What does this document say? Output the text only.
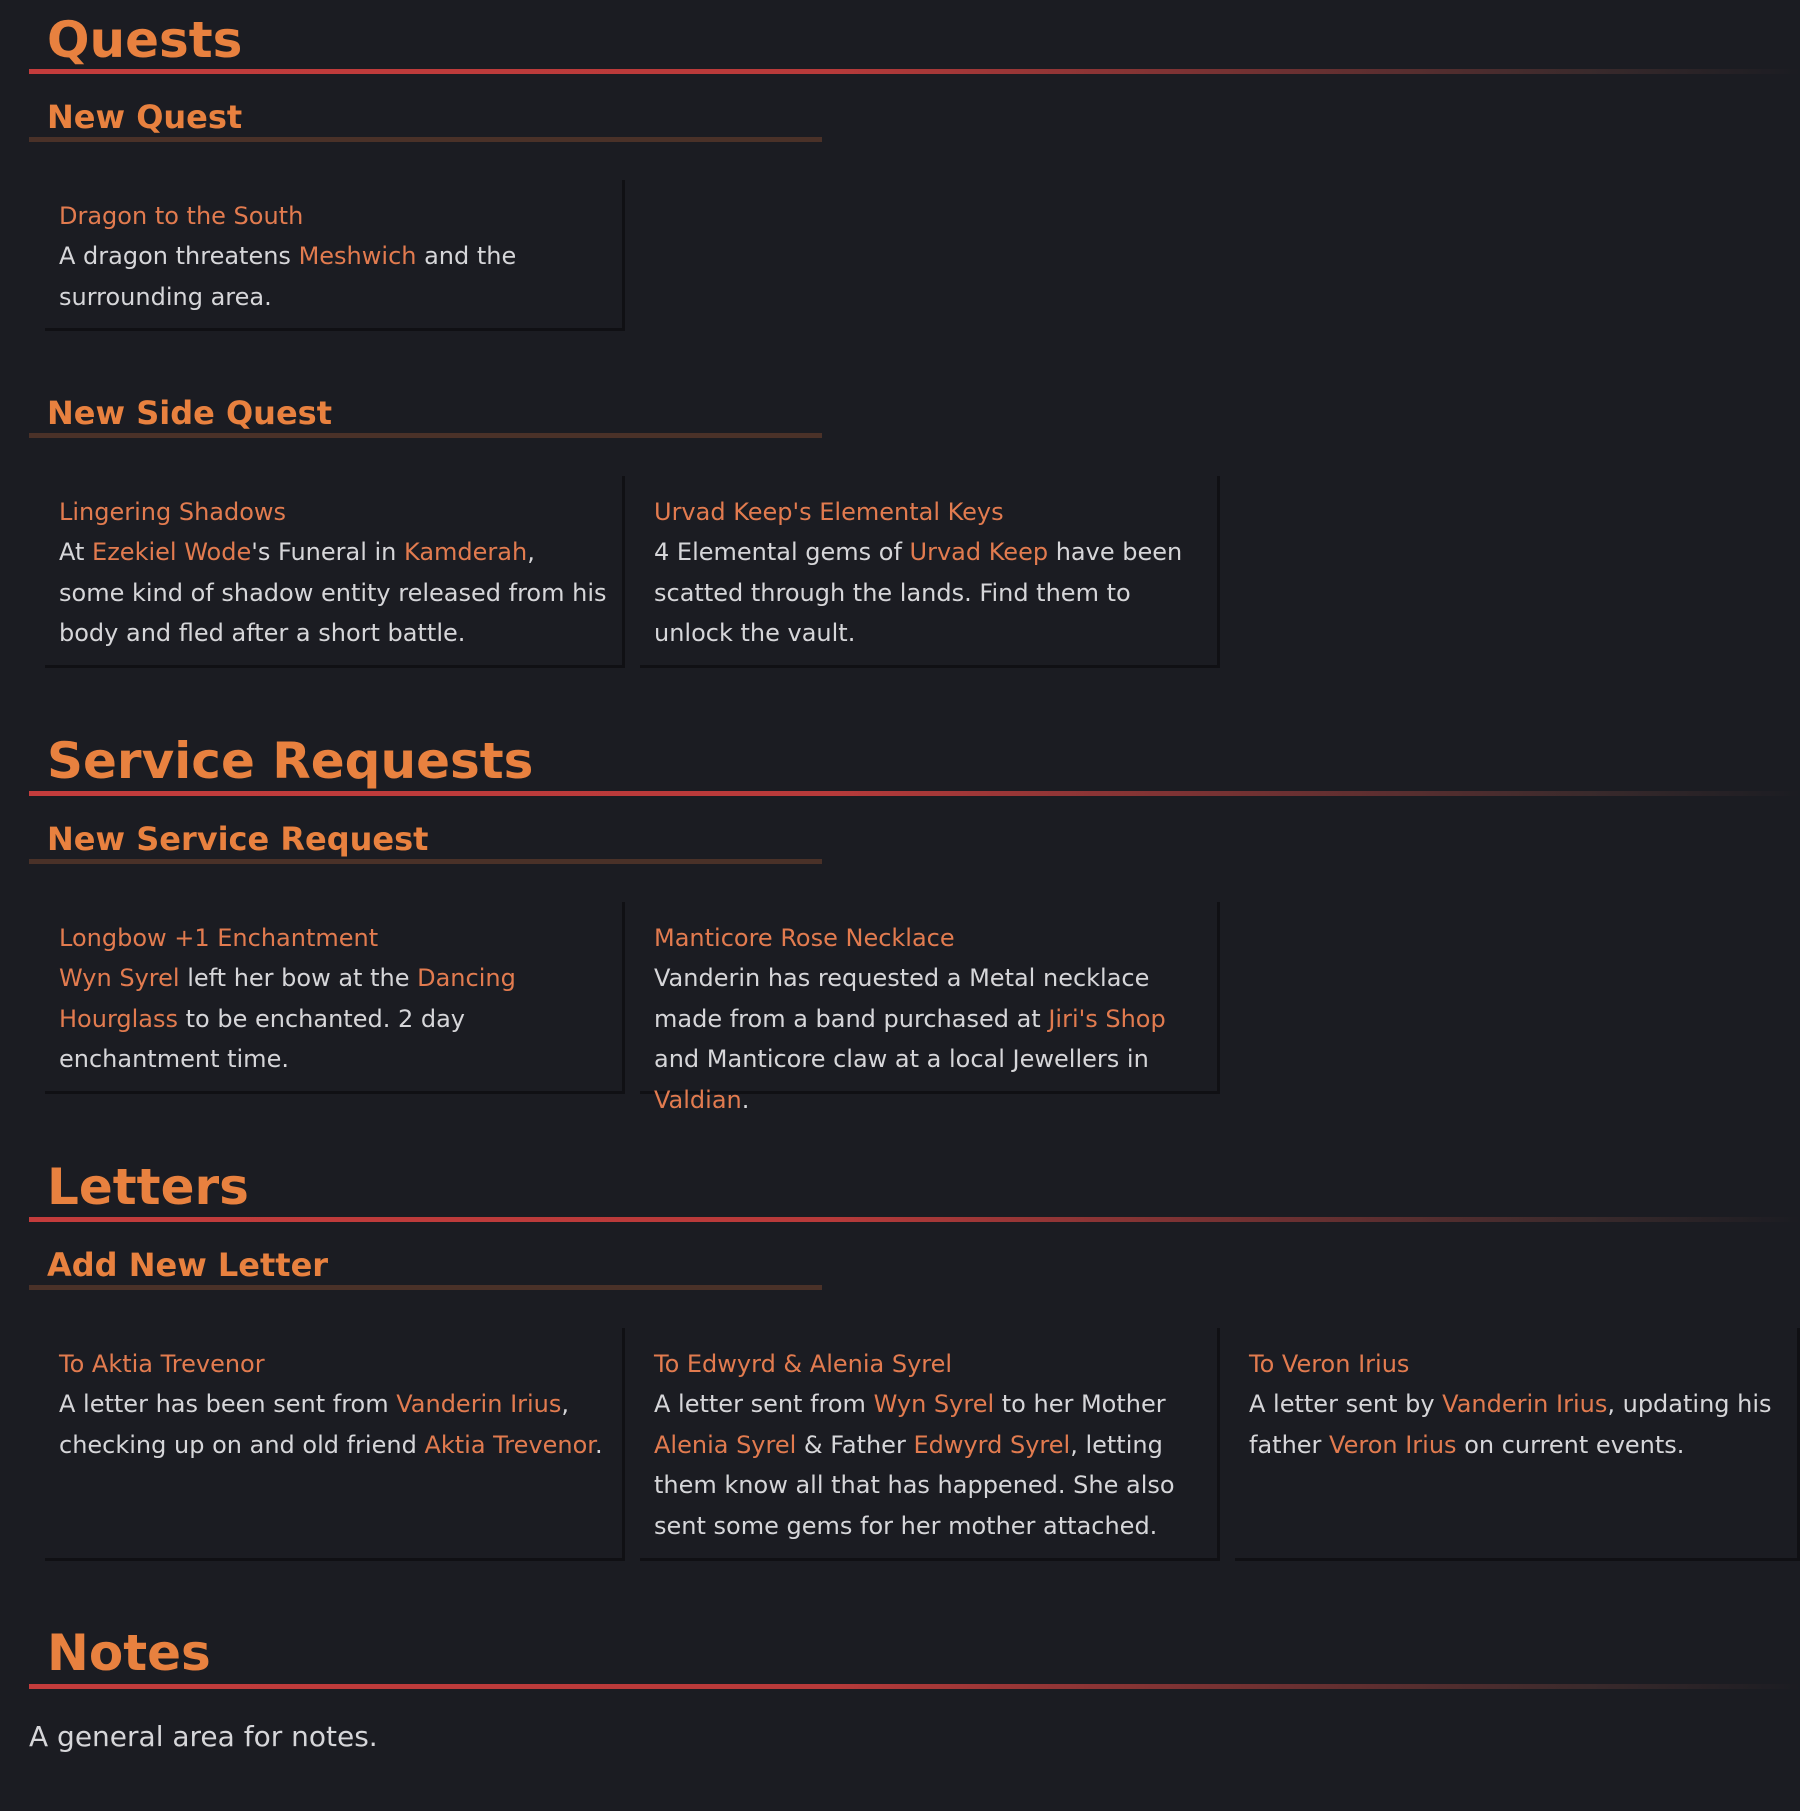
Quests
New Quest
Dragon to the South
A dragon threatens Meshwich and the surrounding area.
New Side Quest
Lingering Shadows
At Ezekiel Wode's Funeral in Kamderah, some kind of shadow entity released from his body and fled after a short battle.
Urvad Keep's Elemental Keys
4 Elemental gems of Urvad Keep have been scatted through the lands. Find them to unlock the vault.
Service Requests
New Service Request
Longbow +1 Enchantment
Wyn Syrel left her bow at the Dancing Hourglass to be enchanted. 2 day enchantment time.
Manticore Rose Necklace
Vanderin has requested a Metal necklace made from a band purchased at Jiri's Shop and Manticore claw at a local Jewellers in Valdian.
Letters
Add New Letter
To Aktia Trevenor
A letter has been sent from Vanderin Irius, checking up on and old friend Aktia Trevenor.
To Edwyrd & Alenia Syrel
A letter sent from Wyn Syrel to her Mother Alenia Syrel & Father Edwyrd Syrel, letting them know all that has happened. She also sent some gems for her mother attached.
To Veron Irius
A letter sent by Vanderin Irius, updating his father Veron Irius on current events.
Notes
A general area for notes.
